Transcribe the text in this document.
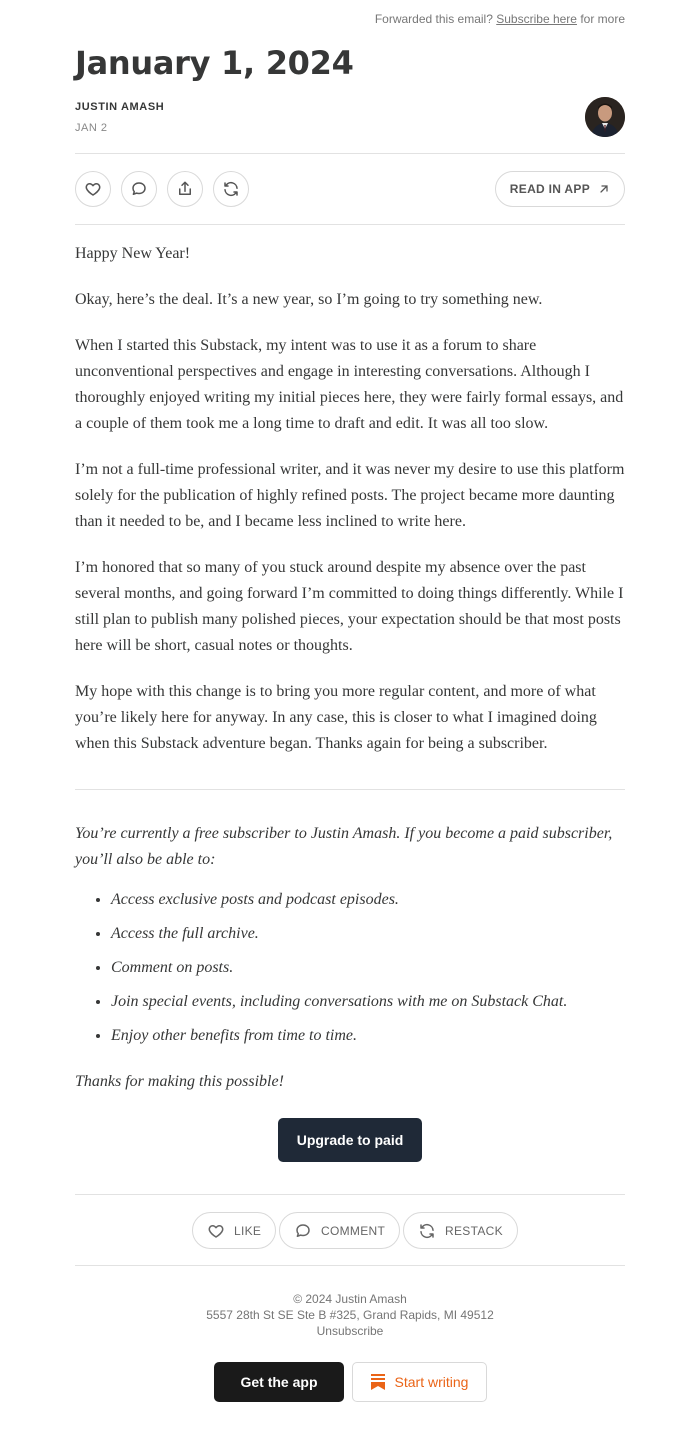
Forwarded this email? Subscribe here for more
January 1, 2024
JUSTIN AMASH
JAN 2
READ IN APP

Happy New Year!

Okay, here’s the deal. It’s a new year, so I’m going to try something new.

When I started this Substack, my intent was to use it as a forum to share unconventional perspectives and engage in interesting conversations. Although I thoroughly enjoyed writing my initial pieces here, they were fairly formal essays, and a couple of them took me a long time to draft and edit. It was all too slow.

I’m not a full-time professional writer, and it was never my desire to use this platform solely for the publication of highly refined posts. The project became more daunting than it needed to be, and I became less inclined to write here.

I’m honored that so many of you stuck around despite my absence over the past several months, and going forward I’m committed to doing things differently. While I still plan to publish many polished pieces, your expectation should be that most posts here will be short, casual notes or thoughts.

My hope with this change is to bring you more regular content, and more of what you’re likely here for anyway. In any case, this is closer to what I imagined doing when this Substack adventure began. Thanks again for being a subscriber.

You’re currently a free subscriber to Justin Amash. If you become a paid subscriber, you’ll also be able to:

• Access exclusive posts and podcast episodes.
• Access the full archive.
• Comment on posts.
• Join special events, including conversations with me on Substack Chat.
• Enjoy other benefits from time to time.

Thanks for making this possible!

Upgrade to paid
LIKE	COMMENT	RESTACK
© 2024 Justin Amash
5557 28th St SE Ste B #325, Grand Rapids, MI 49512
Unsubscribe
Get the app	Start writing
